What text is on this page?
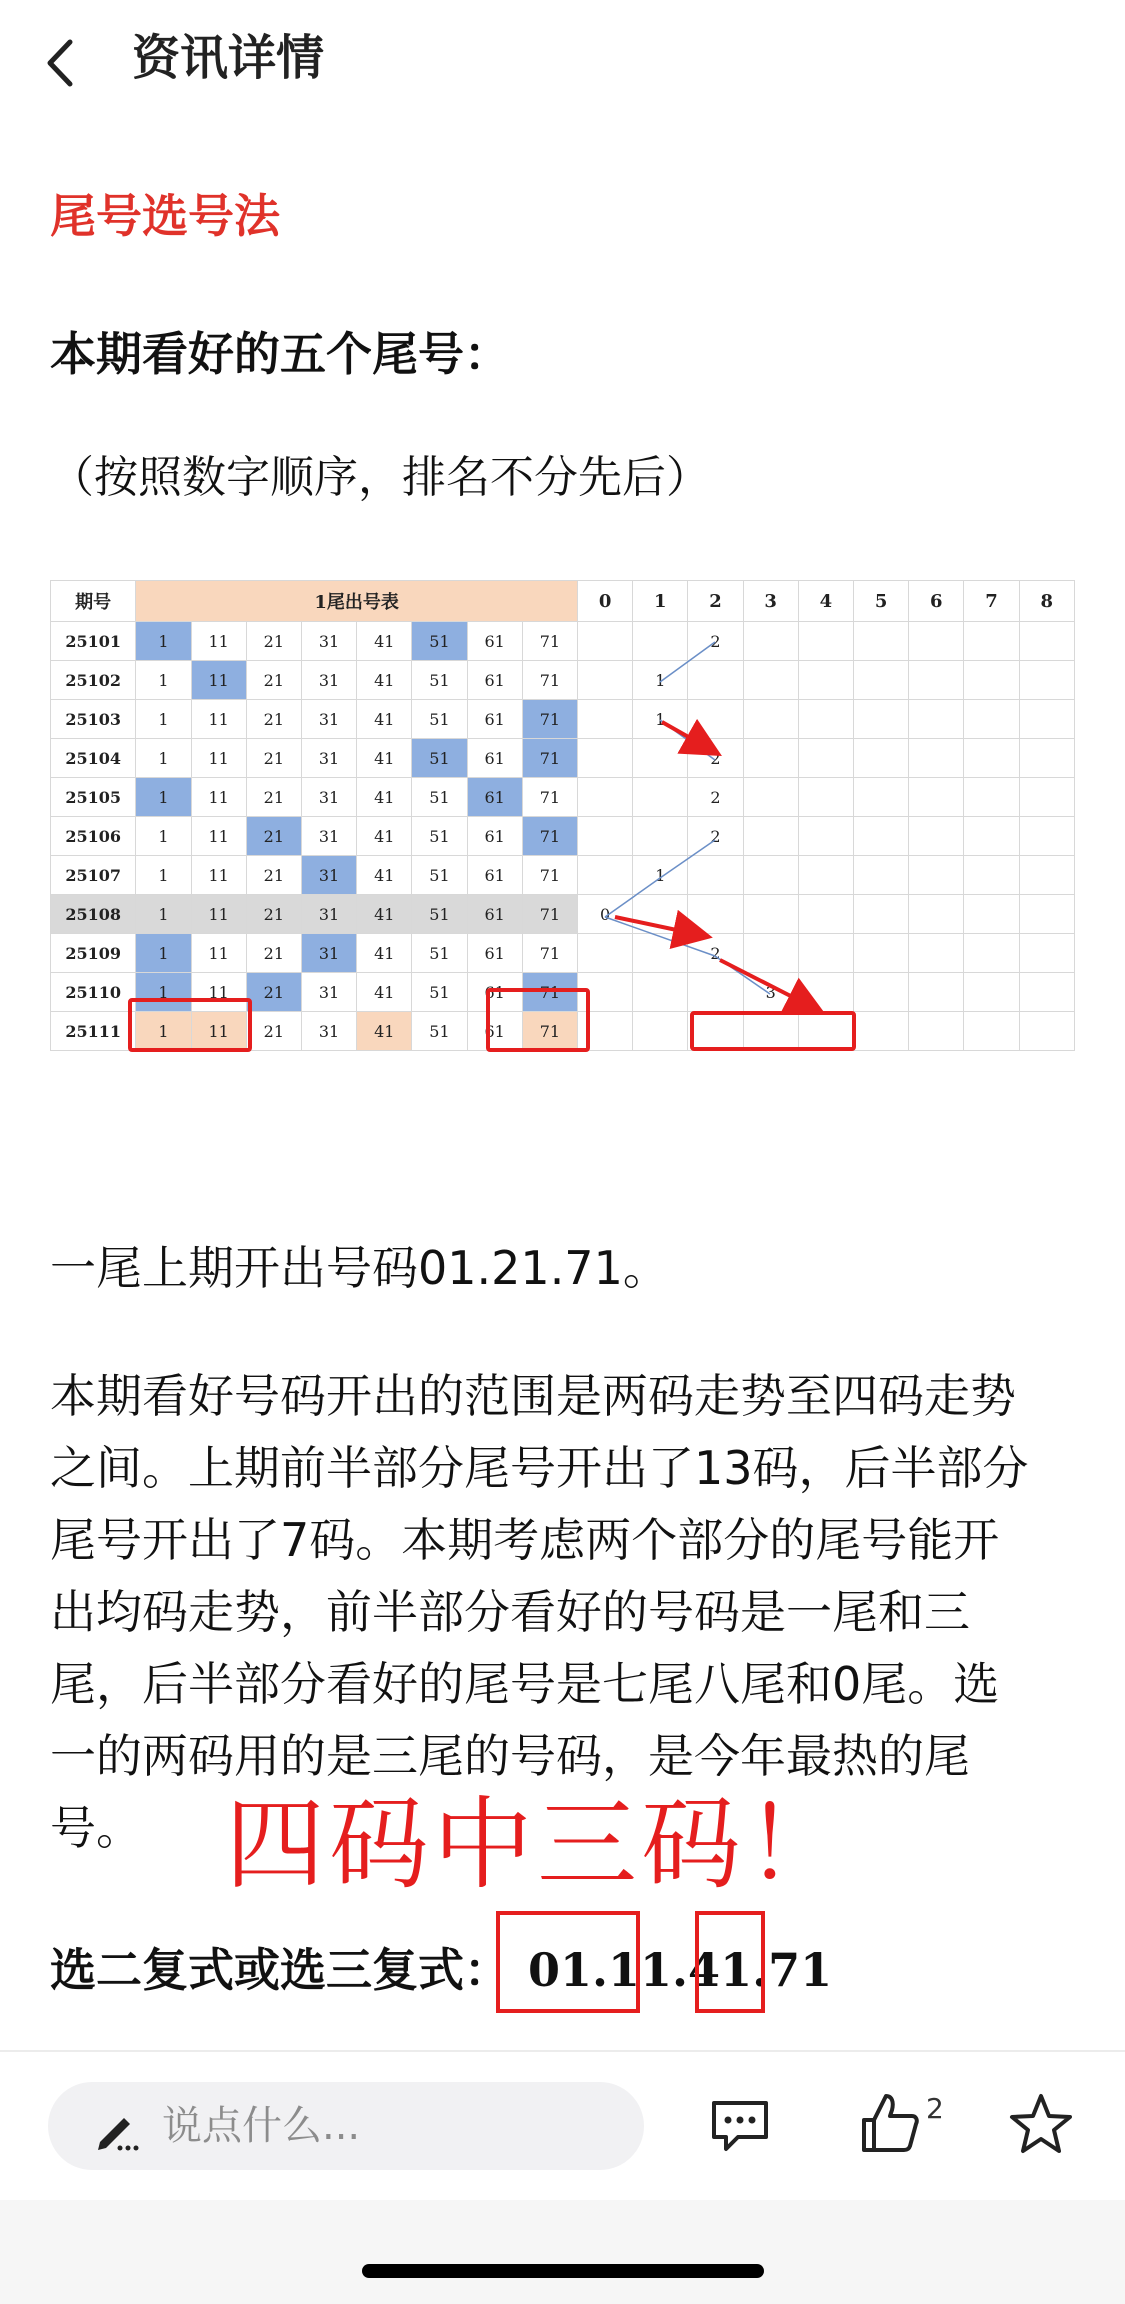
资讯详情
尾号选号法
本期看好的五个尾号：
（按照数字顺序，排名不分先后）
期号	1尾出号表								0	1	2	3	4	5	6	7	8
25101	1	11	21	31	41	51	61	71			2						
25102	1	11	21	31	41	51	61	71		1							
25103	1	11	21	31	41	51	61	71		1							
25104	1	11	21	31	41	51	61	71			2						
25105	1	11	21	31	41	51	61	71			2						
25106	1	11	21	31	41	51	61	71			2						
25107	1	11	21	31	41	51	61	71		1							
25108	1	11	21	31	41	51	61	71	0								
25109	1	11	21	31	41	51	61	71			2						
25110	1	11	21	31	41	51	61	71				3					
25111	1	11	21	31	41	51	61	71									
一尾上期开出号码01.21.71。
本期看好号码开出的范围是两码走势至四码走势
之间。上期前半部分尾号开出了13码，后半部分
尾号开出了7码。本期考虑两个部分的尾号能开
出均码走势，前半部分看好的号码是一尾和三
尾，后半部分看好的尾号是七尾八尾和0尾。选
一的两码用的是三尾的号码，是今年最热的尾
号。 四码中三码！
选二复式或选三复式： 01.11.41.71
说点什么...	2
